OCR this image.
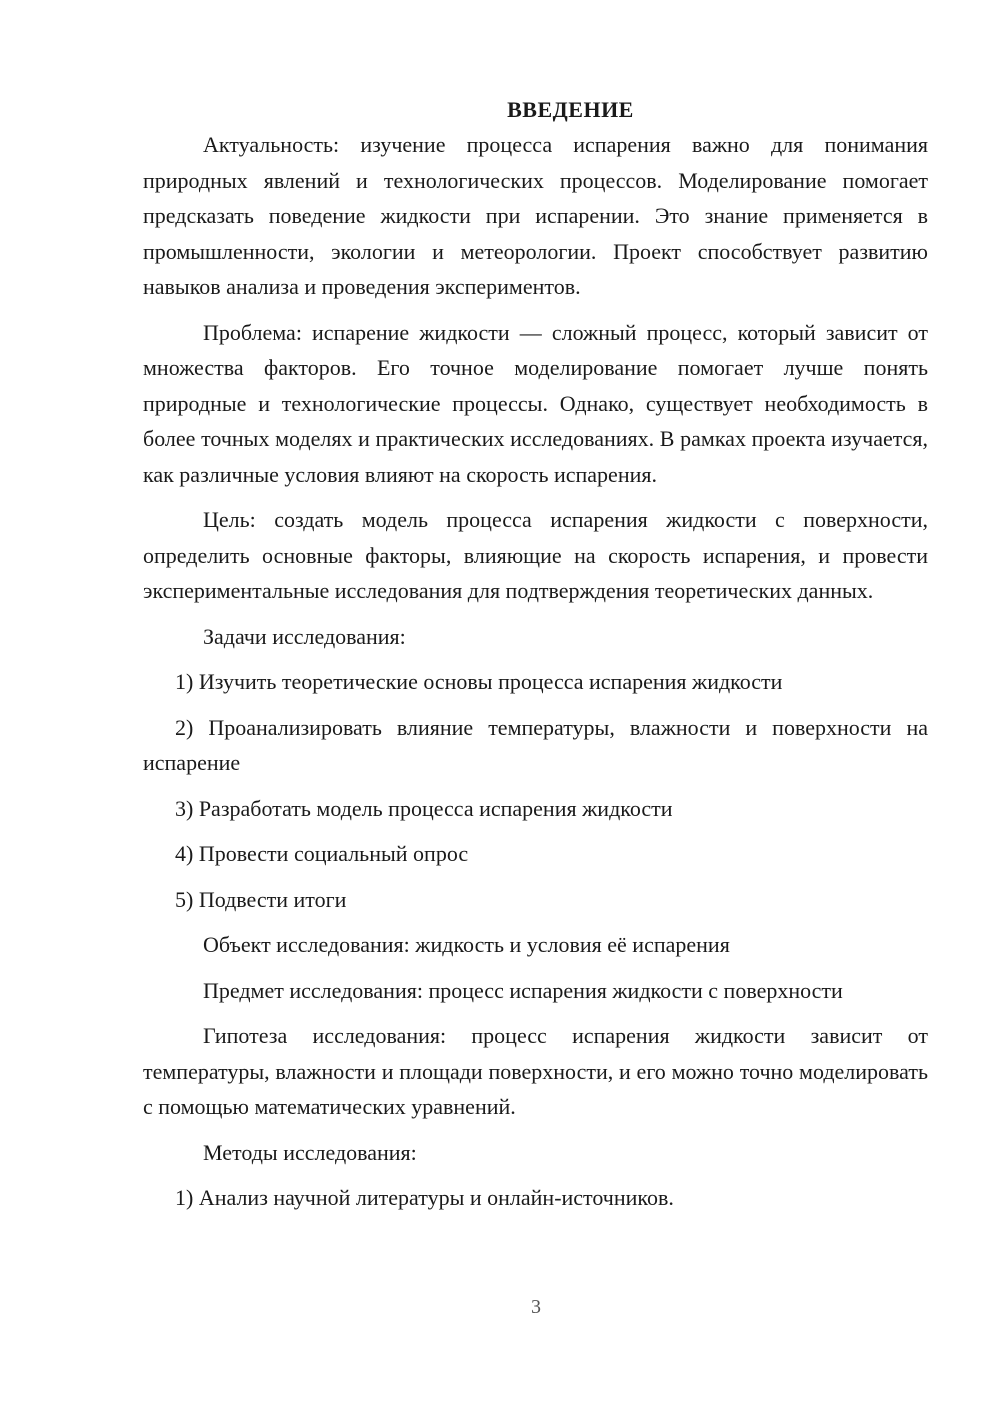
ВВЕДЕНИЕ

Актуальность: изучение процесса испарения важно для понимания природных явлений и технологических процессов. Моделирование помогает предсказать поведение жидкости при испарении. Это знание применяется в промышленности, экологии и метеорологии. Проект способствует развитию навыков анализа и проведения экспериментов.

Проблема: испарение жидкости — сложный процесс, который зависит от множества факторов. Его точное моделирование помогает лучше понять природные и технологические процессы. Однако, существует необходимость в более точных моделях и практических исследованиях. В рамках проекта изучается, как различные условия влияют на скорость испарения.

Цель: создать модель процесса испарения жидкости с поверхности, определить основные факторы, влияющие на скорость испарения, и провести экспериментальные исследования для подтверждения теоретических данных.

Задачи исследования:

1) Изучить теоретические основы процесса испарения жидкости

2) Проанализировать влияние температуры, влажности и поверхности на испарение

3) Разработать модель процесса испарения жидкости

4) Провести социальный опрос

5) Подвести итоги

Объект исследования: жидкость и условия её испарения

Предмет исследования: процесс испарения жидкости с поверхности

Гипотеза исследования: процесс испарения жидкости зависит от температуры, влажности и площади поверхности, и его можно точно моделировать с помощью математических уравнений.

Методы исследования:

1) Анализ научной литературы и онлайн-источников.

3
